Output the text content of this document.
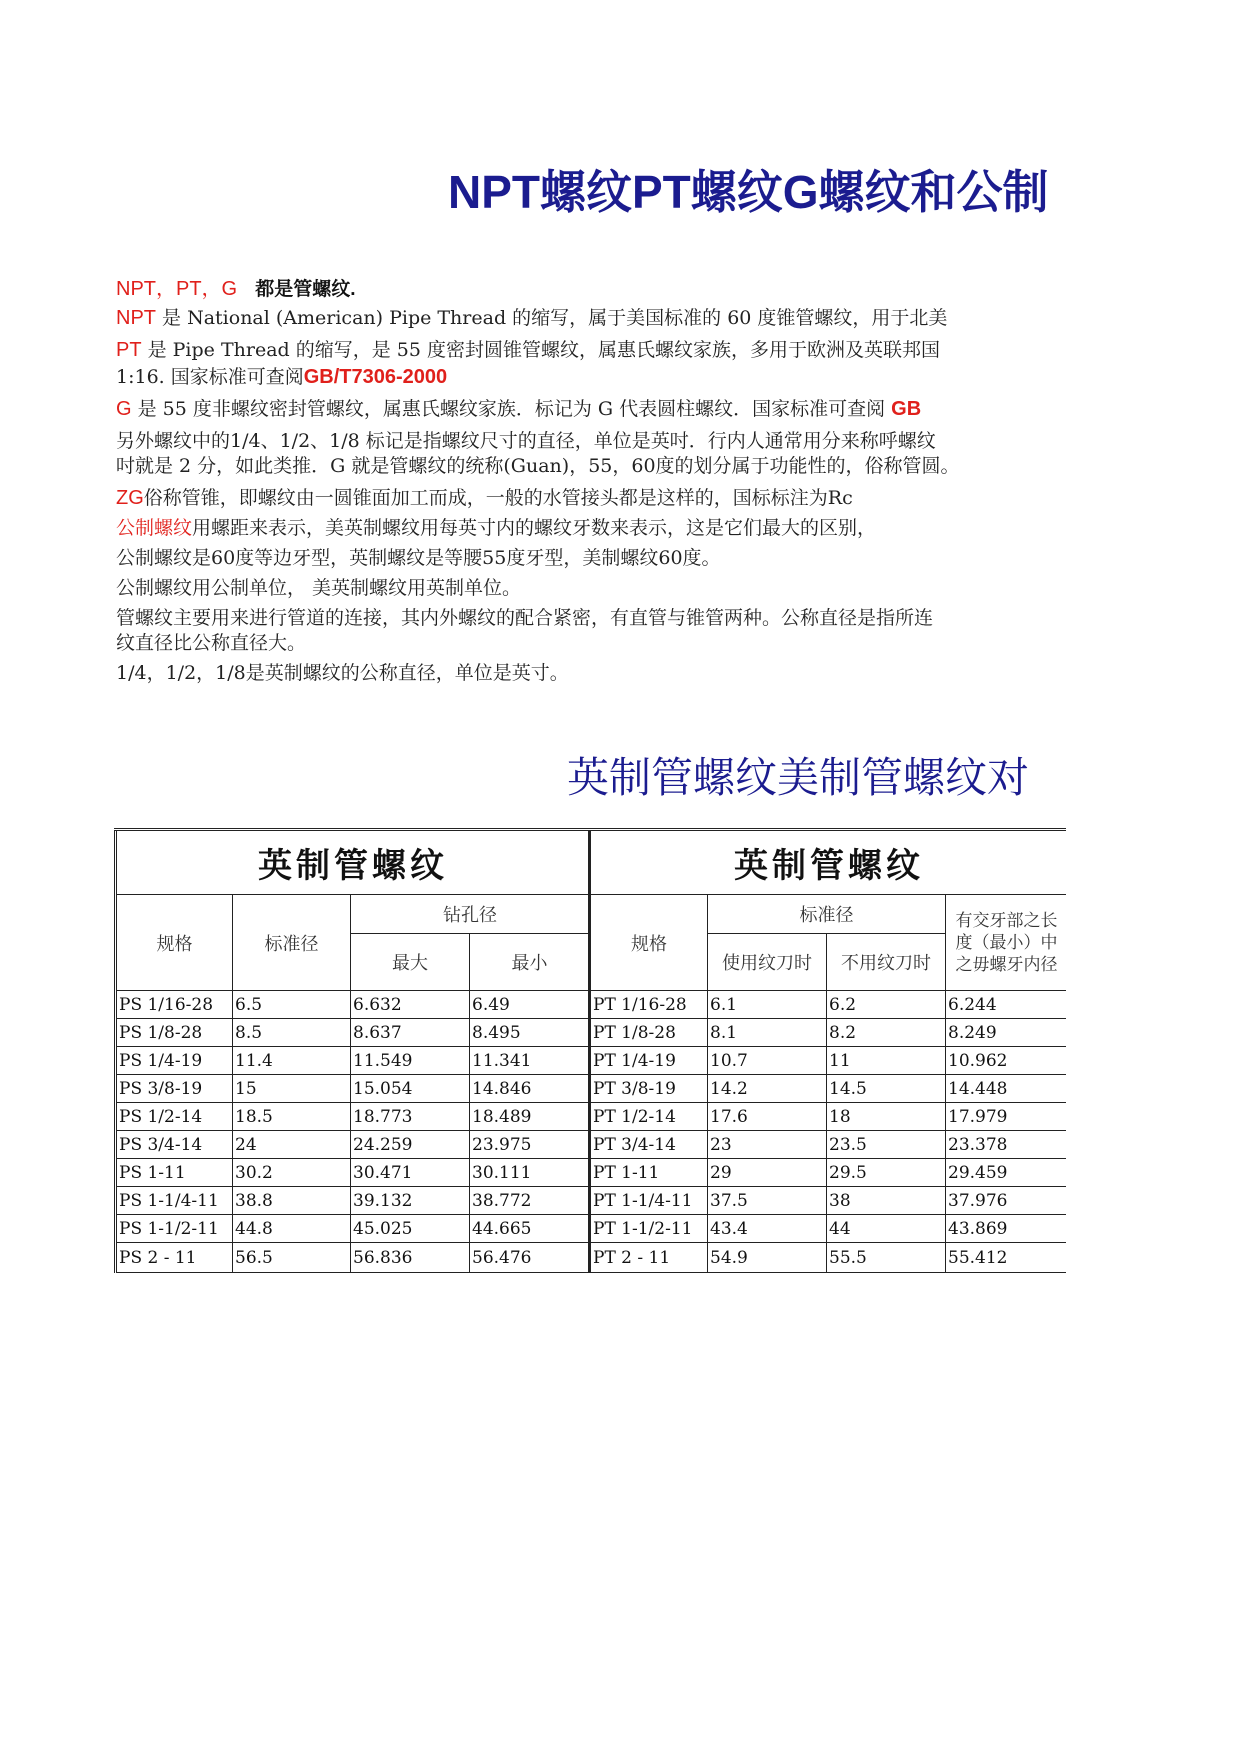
NPT螺纹PT螺纹G螺纹和公制
NPT，PT，G 都是管螺纹.
NPT 是 National (American) Pipe Thread 的缩写，属于美国标准的 60 度锥管螺纹，用于北美
PT 是 Pipe Thread 的缩写，是 55 度密封圆锥管螺纹，属惠氏螺纹家族，多用于欧洲及英联邦国
1:16. 国家标准可查阅GB/T7306-2000
G 是 55 度非螺纹密封管螺纹，属惠氏螺纹家族．标记为 G 代表圆柱螺纹．国家标准可查阅 GB
另外螺纹中的1/4、1/2、1/8 标记是指螺纹尺寸的直径，单位是英吋．行内人通常用分来称呼螺纹
吋就是 2 分，如此类推．G 就是管螺纹的统称(Guan)，55，60度的划分属于功能性的，俗称管圆。
ZG俗称管锥，即螺纹由一圆锥面加工而成，一般的水管接头都是这样的，国标标注为Rc
公制螺纹用螺距来表示，美英制螺纹用每英寸内的螺纹牙数来表示，这是它们最大的区别，
公制螺纹是60度等边牙型，英制螺纹是等腰55度牙型，美制螺纹60度。
公制螺纹用公制单位， 美英制螺纹用英制单位。
管螺纹主要用来进行管道的连接，其内外螺纹的配合紧密，有直管与锥管两种。公称直径是指所连
纹直径比公称直径大。
1/4，1/2，1/8是英制螺纹的公称直径，单位是英寸。
英制管螺纹美制管螺纹对
英制管螺纹			
规格	标准径	钻孔径	
		最大	最小
PS 1/16-28	6.5	6.632	6.49
PS 1/8-28	8.5	8.637	8.495
PS 1/4-19	11.4	11.549	11.341
PS 3/8-19	15	15.054	14.846
PS 1/2-14	18.5	18.773	18.489
PS 3/4-14	24	24.259	23.975
PS 1-11	30.2	30.471	30.111
PS 1-1/4-11	38.8	39.132	38.772
PS 1-1/2-11	44.8	45.025	44.665
PS 2 - 11	56.5	56.836	56.476
英制管螺纹			
规格	标准径		有交牙部之长度（最小）中之毋螺牙内径
	使用纹刀时	不用纹刀时	
PT 1/16-28	6.1	6.2	6.244
PT 1/8-28	8.1	8.2	8.249
PT 1/4-19	10.7	11	10.962
PT 3/8-19	14.2	14.5	14.448
PT 1/2-14	17.6	18	17.979
PT 3/4-14	23	23.5	23.378
PT 1-11	29	29.5	29.459
PT 1-1/4-11	37.5	38	37.976
PT 1-1/2-11	43.4	44	43.869
PT 2 - 11	54.9	55.5	55.412
